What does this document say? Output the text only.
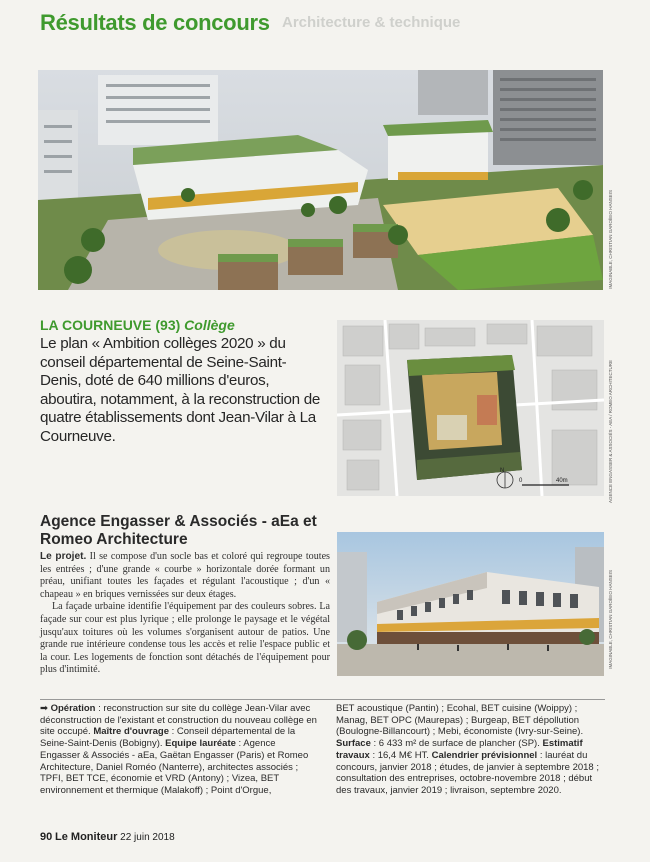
Résultats de concours Architecture & technique
IMAGINABLE, CHRISTIAN GAROÏEIO HANSEIS
LA COURNEUVE (93) Collège
Le plan « Ambition collèges 2020 » du conseil départemental de Seine-Saint-Denis, doté de 640 millions d'euros, aboutira, notamment, à la reconstruction de quatre établissements dont Jean-Vilar à La Courneuve.
N
0	40m	AGENCE ENGASSER & ASSOCIÉS - AEA / ROMEO ARCHITECTURE
Agence Engasser & Associés - aEa et Romeo Architecture

Le projet. Il se compose d'un socle bas et coloré qui regroupe toutes les entrées ; d'une grande « courbe » horizontale dorée formant un préau, unifiant toutes les façades et régulant l'acoustique ; d'un « chapeau » en briques vernissées sur deux étages.

La façade urbaine identifie l'équipement par des couleurs sobres. La façade sur cour est plus lyrique ; elle prolonge le paysage et le végétal jusqu'aux toitures où les volumes s'organisent autour de patios. Une grande rue intérieure condense tous les accès et relie l'espace public et la cour. Les logements de fonction sont détachés de l'équipement pour plus d'intimité.

IMAGINABLE, CHRISTIAN GAROÏEIO HANSEIS
➡ Opération : reconstruction sur site du collège Jean-Vilar avec déconstruction de l'existant et construction du nouveau collège en site occupé. Maître d'ouvrage : Conseil départemental de la Seine-Saint-Denis (Bobigny). Equipe lauréate : Agence Engasser & Associés - aEa, Gaëtan Engasser (Paris) et Romeo Architecture, Daniel Roméo (Nanterre), architectes associés ; TPFI, BET TCE, économie et VRD (Antony) ; Vizea, BET environnement et thermique (Malakoff) ; Point d'Orgue,
BET acoustique (Pantin) ; Ecohal, BET cuisine (Woippy) ; Manag, BET OPC (Maurepas) ; Burgeap, BET dépollution (Boulogne-Billancourt) ; Mebi, économiste (Ivry-sur-Seine). Surface : 6 433 m² de surface de plancher (SP). Estimatif travaux : 16,4 M€ HT. Calendrier prévisionnel : lauréat du concours, janvier 2018 ; études, de janvier à septembre 2018 ; consultation des entreprises, octobre-novembre 2018 ; début des travaux, janvier 2019 ; livraison, septembre 2020.
90 Le Moniteur 22 juin 2018
